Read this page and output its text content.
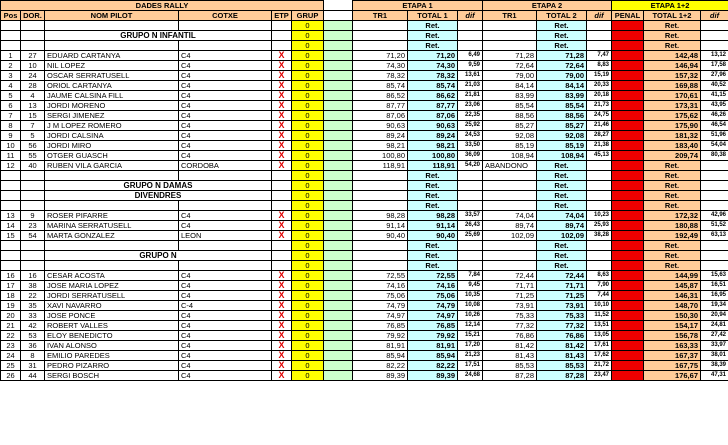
DADES RALLY							ETAPA 1			ETAPA 2			ETAPA 1+2		
Pos	DOR.	NOM PILOT	COTXE	ETP	GRUP		TR1	TOTAL 1	dif	TR1	TOTAL 2	dif	PENAL	TOTAL 1+2	dif
					0			Ret.			Ret.			Ret.	
		GRUPO N INFANTIL			0			Ret.			Ret.			Ret.	
					0			Ret.			Ret.			Ret.	
1	27	EDUARD CARTANYA	C4	X	0		71,20	71,20	6,49	71,28	71,28	7,47		142,48	13,12
2	10	NIL LOPEZ	C4	X	0		74,30	74,30	9,59	72,64	72,64	8,83		146,94	17,58
3	24	OSCAR SERRATUSELL	C4	X	0		78,32	78,32	13,61	79,00	79,00	15,19		157,32	27,96
4	28	ORIOL CARTANYA	C4	X	0		85,74	85,74	21,03	84,14	84,14	20,33		169,88	40,52
5	4	JAUME CALSINA FILL	C4	X	0		86,52	86,62	21,81	83,99	83,99	20,18		170,61	41,15
6	13	JORDI MORENO	C4	X	0		87,77	87,77	23,06	85,54	85,54	21,73		173,31	43,95
7	15	SERGI JIMENEZ	C4	X	0		87,06	87,06	22,35	88,56	88,56	24,75		175,62	46,26
8	7	J M LOPEZ ROMERO	C4	X	0		90,63	90,63	25,92	85,27	85,27	21,46		175,90	46,54
9	5	JORDI CALSINA	C4	X	0		89,24	89,24	24,53	92,08	92,08	28,27		181,32	51,96
10	56	JORDI MIRO	C4	X	0		98,21	98,21	33,50	85,19	85,19	21,38		183,40	54,04
11	55	OTGER GUASCH	C4	X	0		100,80	100,80	36,09	108,94	108,94	45,13		209,74	80,38
12	40	RUBEN VILA GARCIA	CORDOBA	X	0		118,91	118,91	54,20	ABANDONO	Ret.			Ret.	
					0			Ret.			Ret.			Ret.	
		GRUPO N DAMAS			0			Ret.			Ret.			Ret.	
		DIVENDRES			0			Ret.			Ret.			Ret.	
					0			Ret.			Ret.			Ret.	
13	9	ROSER PIFARRE	C4	X	0		98,28	98,28	33,57	74,04	74,04	10,23		172,32	42,96
14	23	MARINA SERRATUSELL	C4	X	0		91,14	91,14	26,43	89,74	89,74	25,93		180,88	51,52
15	54	MARTA GONZALEZ	LEON	X	0		90,40	90,40	25,69	102,09	102,09	38,28		192,49	63,13
					0			Ret.			Ret.			Ret.	
		GRUPO N			0			Ret.			Ret.			Ret.	
					0			Ret.			Ret.			Ret.	
16	16	CESAR ACOSTA	C4	X	0		72,55	72,55	7,84	72,44	72,44	8,63		144,99	15,63
17	38	JOSE MARIA LOPEZ	C4	X	0		74,16	74,16	9,45	71,71	71,71	7,90		145,87	16,51
18	22	JORDI SERRATUSELL	C4	X	0		75,06	75,06	10,35	71,25	71,25	7,44		146,31	16,95
19	35	XAVI NAVARRO	C-4	X	0		74,79	74,79	10,08	73,91	73,91	10,10		148,70	19,34
20	33	JOSE PONCE	C4	X	0		74,97	74,97	10,26	75,33	75,33	11,52		150,30	20,94
21	42	ROBERT VALLES	C4	X	0		76,85	76,85	12,14	77,32	77,32	13,51		154,17	24,81
22	53	ELOY BENEDICTO	C4	X	0		79,92	79,92	15,21	76,86	76,86	13,05		156,78	27,42
23	36	IVAN ALONSO	C4	X	0		81,91	81,91	17,20	81,42	81,42	17,61		163,33	33,97
24	8	EMILIO PAREDES	C4	X	0		85,94	85,94	21,23	81,43	81,43	17,62		167,37	38,01
25	31	PEDRO PIZARRO	C4	X	0		82,22	82,22	17,51	85,53	85,53	21,72		167,75	38,39
26	44	SERGI BOSCH	C4	X	0		89,39	89,39	24,68	87,28	87,28	23,47		176,67	47,31
